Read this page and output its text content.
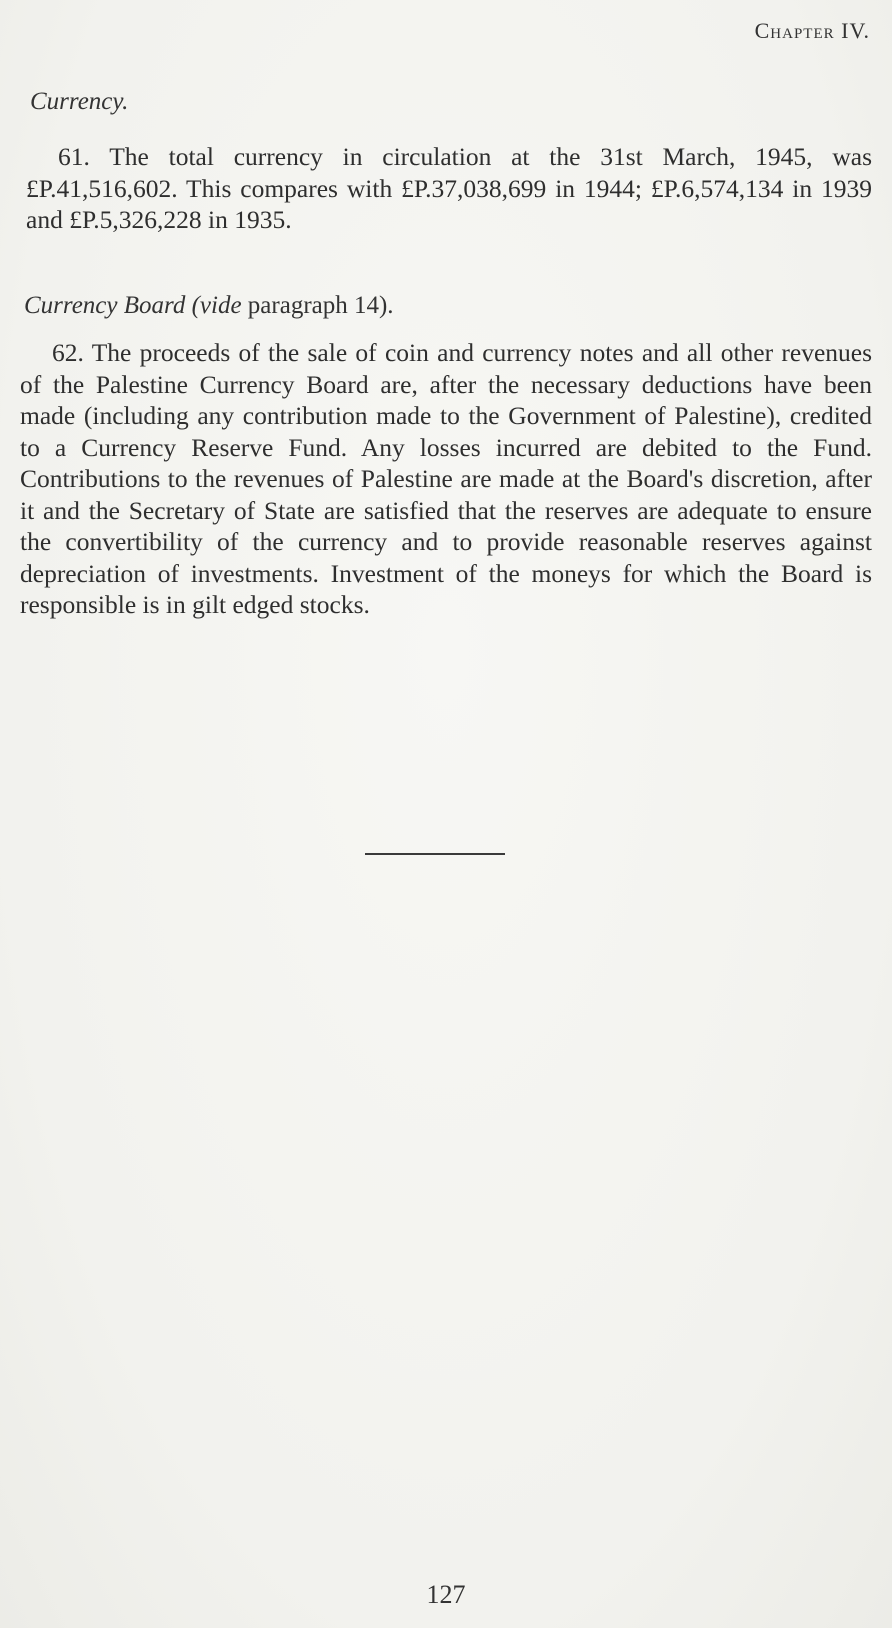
Chapter IV.
Currency.
61. The total currency in circulation at the 31st March, 1945, was £P.41,516,602. This compares with £P.37,038,699 in 1944; £P.6,574,134 in 1939 and £P.5,326,228 in 1935.
Currency Board (vide paragraph 14).
62. The proceeds of the sale of coin and currency notes and all other revenues of the Palestine Currency Board are, after the necessary deductions have been made (including any contribution made to the Government of Palestine), credited to a Currency Reserve Fund. Any losses incurred are debited to the Fund. Contributions to the revenues of Palestine are made at the Board's discretion, after it and the Secretary of State are satisfied that the reserves are adequate to ensure the convertibility of the currency and to provide reasonable reserves against depreciation of investments. Investment of the moneys for which the Board is responsible is in gilt edged stocks.
127
